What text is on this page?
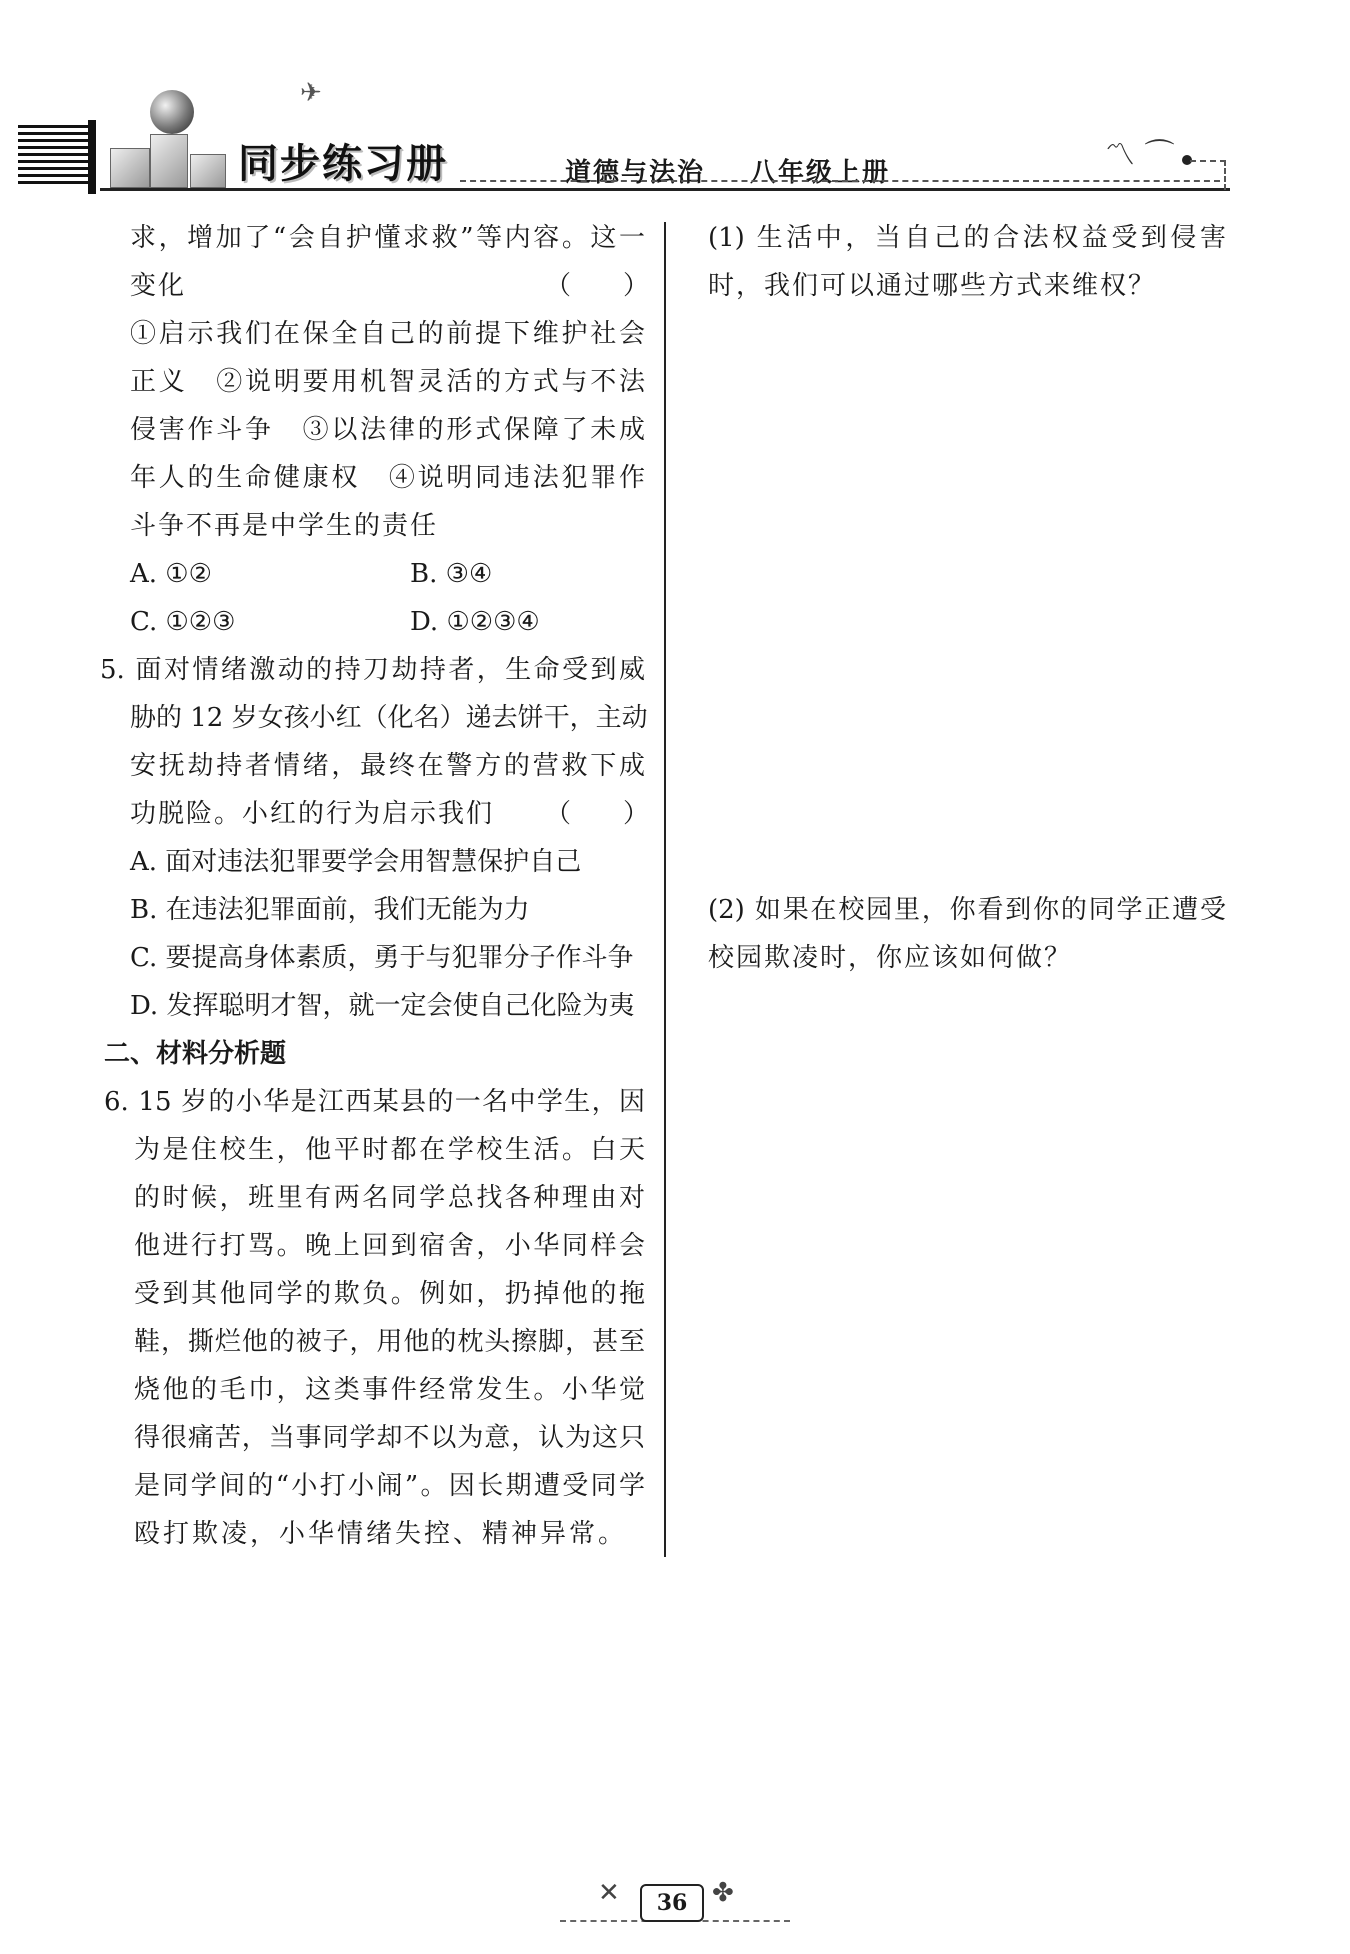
✈
同步练习册	道德与法治 八年级上册	〽 ⌒
求，增加了“会自护懂求救”等内容。这一
变化	（　　）
①启示我们在保全自己的前提下维护社会
正义　②说明要用机智灵活的方式与不法
侵害作斗争　③以法律的形式保障了未成
年人的生命健康权　④说明同违法犯罪作
斗争不再是中学生的责任
A. ①②	B. ③④
C. ①②③	D. ①②③④
5. 面对情绪激动的持刀劫持者，生命受到威
胁的 12 岁女孩小红（化名）递去饼干，主动
安抚劫持者情绪，最终在警方的营救下成
功脱险。小红的行为启示我们 （　　）
A. 面对违法犯罪要学会用智慧保护自己
B. 在违法犯罪面前，我们无能为力
C. 要提高身体素质，勇于与犯罪分子作斗争
D. 发挥聪明才智，就一定会使自己化险为夷
二、材料分析题
6. 15 岁的小华是江西某县的一名中学生，因
为是住校生，他平时都在学校生活。白天
的时候，班里有两名同学总找各种理由对
他进行打骂。晚上回到宿舍，小华同样会
受到其他同学的欺负。例如，扔掉他的拖
鞋，撕烂他的被子，用他的枕头擦脚，甚至
烧他的毛巾，这类事件经常发生。小华觉
得很痛苦，当事同学却不以为意，认为这只
是同学间的“小打小闹”。因长期遭受同学
殴打欺凌，小华情绪失控、精神异常。
(1) 生活中，当自己的合法权益受到侵害
时，我们可以通过哪些方式来维权？
(2) 如果在校园里，你看到你的同学正遭受
校园欺凌时，你应该如何做？
✕	36 ✤
